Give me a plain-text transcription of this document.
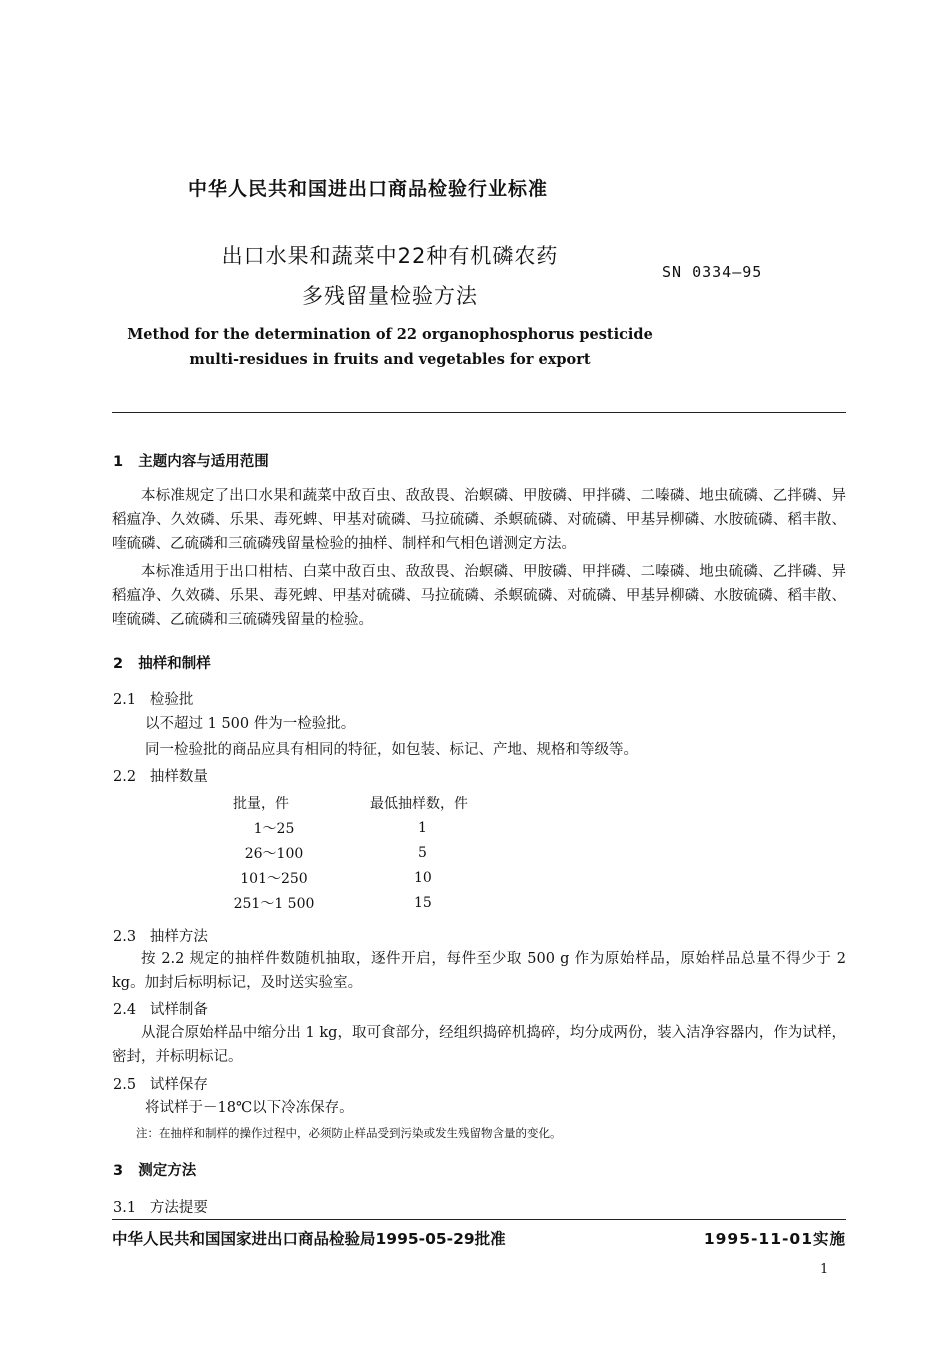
中华人民共和国进出口商品检验行业标准
出口水果和蔬菜中22种有机磷农药
多残留量检验方法
SN 0334—95
Method for the determination of 22 organophosphorus pesticide
multi-residues in fruits and vegetables for export
1 主题内容与适用范围
本标准规定了出口水果和蔬菜中敌百虫、敌敌畏、治螟磷、甲胺磷、甲拌磷、二嗪磷、地虫硫磷、乙拌磷、异稻瘟净、久效磷、乐果、毒死蜱、甲基对硫磷、马拉硫磷、杀螟硫磷、对硫磷、甲基异柳磷、水胺硫磷、稻丰散、喹硫磷、乙硫磷和三硫磷残留量检验的抽样、制样和气相色谱测定方法。
本标准适用于出口柑桔、白菜中敌百虫、敌敌畏、治螟磷、甲胺磷、甲拌磷、二嗪磷、地虫硫磷、乙拌磷、异稻瘟净、久效磷、乐果、毒死蜱、甲基对硫磷、马拉硫磷、杀螟硫磷、对硫磷、甲基异柳磷、水胺硫磷、稻丰散、喹硫磷、乙硫磷和三硫磷残留量的检验。
2 抽样和制样
2.1 检验批
以不超过 1 500 件为一检验批。
同一检验批的商品应具有相同的特征，如包装、标记、产地、规格和等级等。
2.2 抽样数量
批量，件	最低抽样数，件
1～25	1
26～100	5
101～250	10
251～1 500	15
2.3 抽样方法
按 2.2 规定的抽样件数随机抽取，逐件开启，每件至少取 500 g 作为原始样品，原始样品总量不得少于 2 kg。加封后标明标记，及时送实验室。
2.4 试样制备
从混合原始样品中缩分出 1 kg，取可食部分，经组织捣碎机捣碎，均分成两份，装入洁净容器内，作为试样，密封，并标明标记。
2.5 试样保存
将试样于－18℃以下冷冻保存。
注：在抽样和制样的操作过程中，必须防止样品受到污染或发生残留物含量的变化。
3 测定方法
3.1 方法提要
中华人民共和国国家进出口商品检验局1995-05-29批准	1995-11-01实施
1
